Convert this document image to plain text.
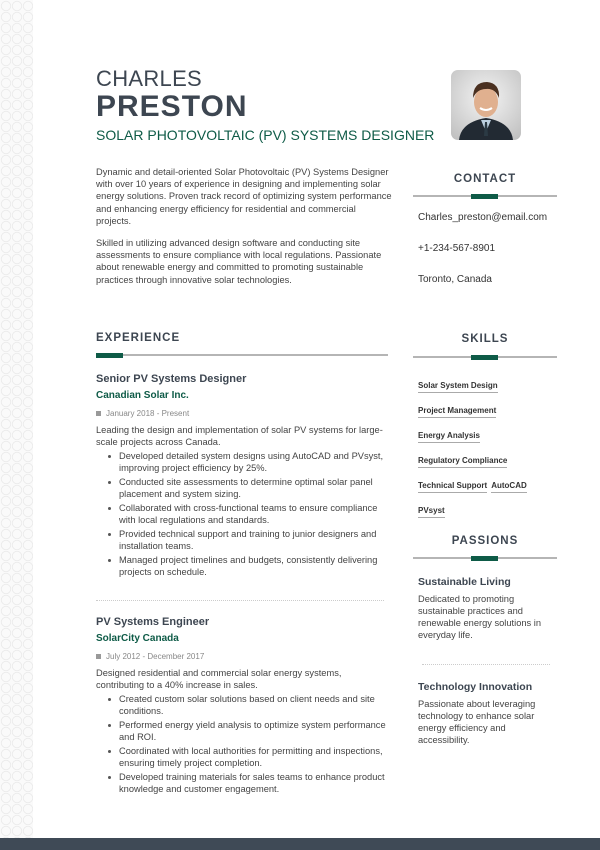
CHARLES
PRESTON
SOLAR PHOTOVOLTAIC (PV) SYSTEMS DESIGNER

Dynamic and detail-oriented Solar Photovoltaic (PV) Systems Designer with over 10 years of experience in designing and implementing solar energy solutions. Proven track record of optimizing system performance and enhancing energy efficiency for residential and commercial projects.

Skilled in utilizing advanced design software and conducting site assessments to ensure compliance with local regulations. Passionate about renewable energy and committed to promoting sustainable practices through innovative solar technologies.

CONTACT
Charles_preston@email.com
+1-234-567-8901
Toronto, Canada
EXPERIENCE
Senior PV Systems Designer
Canadian Solar Inc.
January 2018 - Present
Leading the design and implementation of solar PV systems for large-scale projects across Canada.
Developed detailed system designs using AutoCAD and PVsyst, improving project efficiency by 25%.
Conducted site assessments to determine optimal solar panel placement and system sizing.
Collaborated with cross-functional teams to ensure compliance with local regulations and standards.
Provided technical support and training to junior designers and installation teams.
Managed project timelines and budgets, consistently delivering projects on schedule.
PV Systems Engineer
SolarCity Canada
July 2012 - December 2017
Designed residential and commercial solar energy systems, contributing to a 40% increase in sales.
Created custom solar solutions based on client needs and site conditions.
Performed energy yield analysis to optimize system performance and ROI.
Coordinated with local authorities for permitting and inspections, ensuring timely project completion.
Developed training materials for sales teams to enhance product knowledge and customer engagement.
SKILLS
Solar System Design
Project Management
Energy Analysis
Regulatory Compliance
Technical Support AutoCAD
PVsyst
PASSIONS
Sustainable Living

Dedicated to promoting sustainable practices and renewable energy solutions in everyday life.

Technology Innovation

Passionate about leveraging technology to enhance solar energy efficiency and accessibility.
